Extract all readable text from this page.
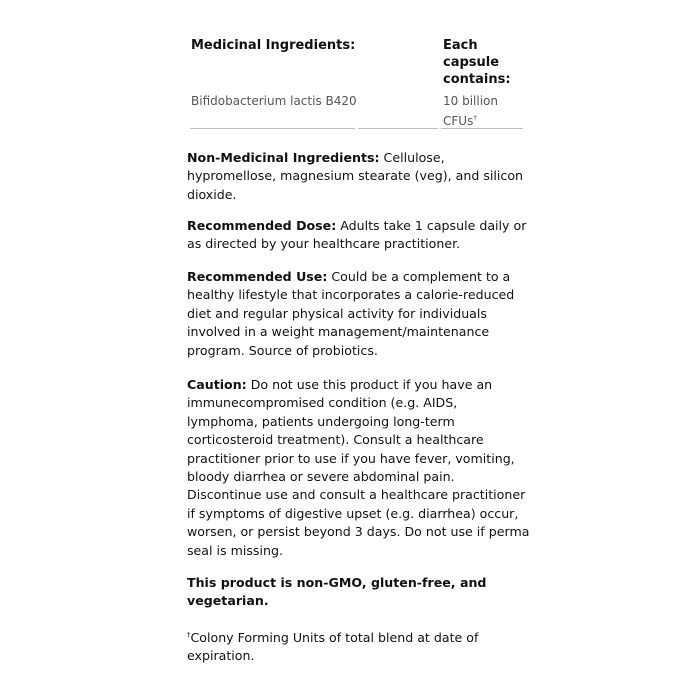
Medicinal Ingredients:	Each capsule contains:
Bifidobacterium lactis B420	10 billion CFUs†
Non-Medicinal Ingredients: Cellulose, hypromellose, magnesium stearate (veg), and silicon dioxide.
Recommended Dose: Adults take 1 capsule daily or as directed by your healthcare practitioner.
Recommended Use: Could be a complement to a healthy lifestyle that incorporates a calorie-reduced diet and regular physical activity for individuals involved in a weight management/maintenance program. Source of probiotics.
Caution: Do not use this product if you have an immunecompromised condition (e.g. AIDS, lymphoma, patients undergoing long-term corticosteroid treatment). Consult a healthcare practitioner prior to use if you have fever, vomiting, bloody diarrhea or severe abdominal pain. Discontinue use and consult a healthcare practitioner if symptoms of digestive upset (e.g. diarrhea) occur, worsen, or persist beyond 3 days. Do not use if perma seal is missing.
This product is non-GMO, gluten-free, and vegetarian.
†Colony Forming Units of total blend at date of expiration.
